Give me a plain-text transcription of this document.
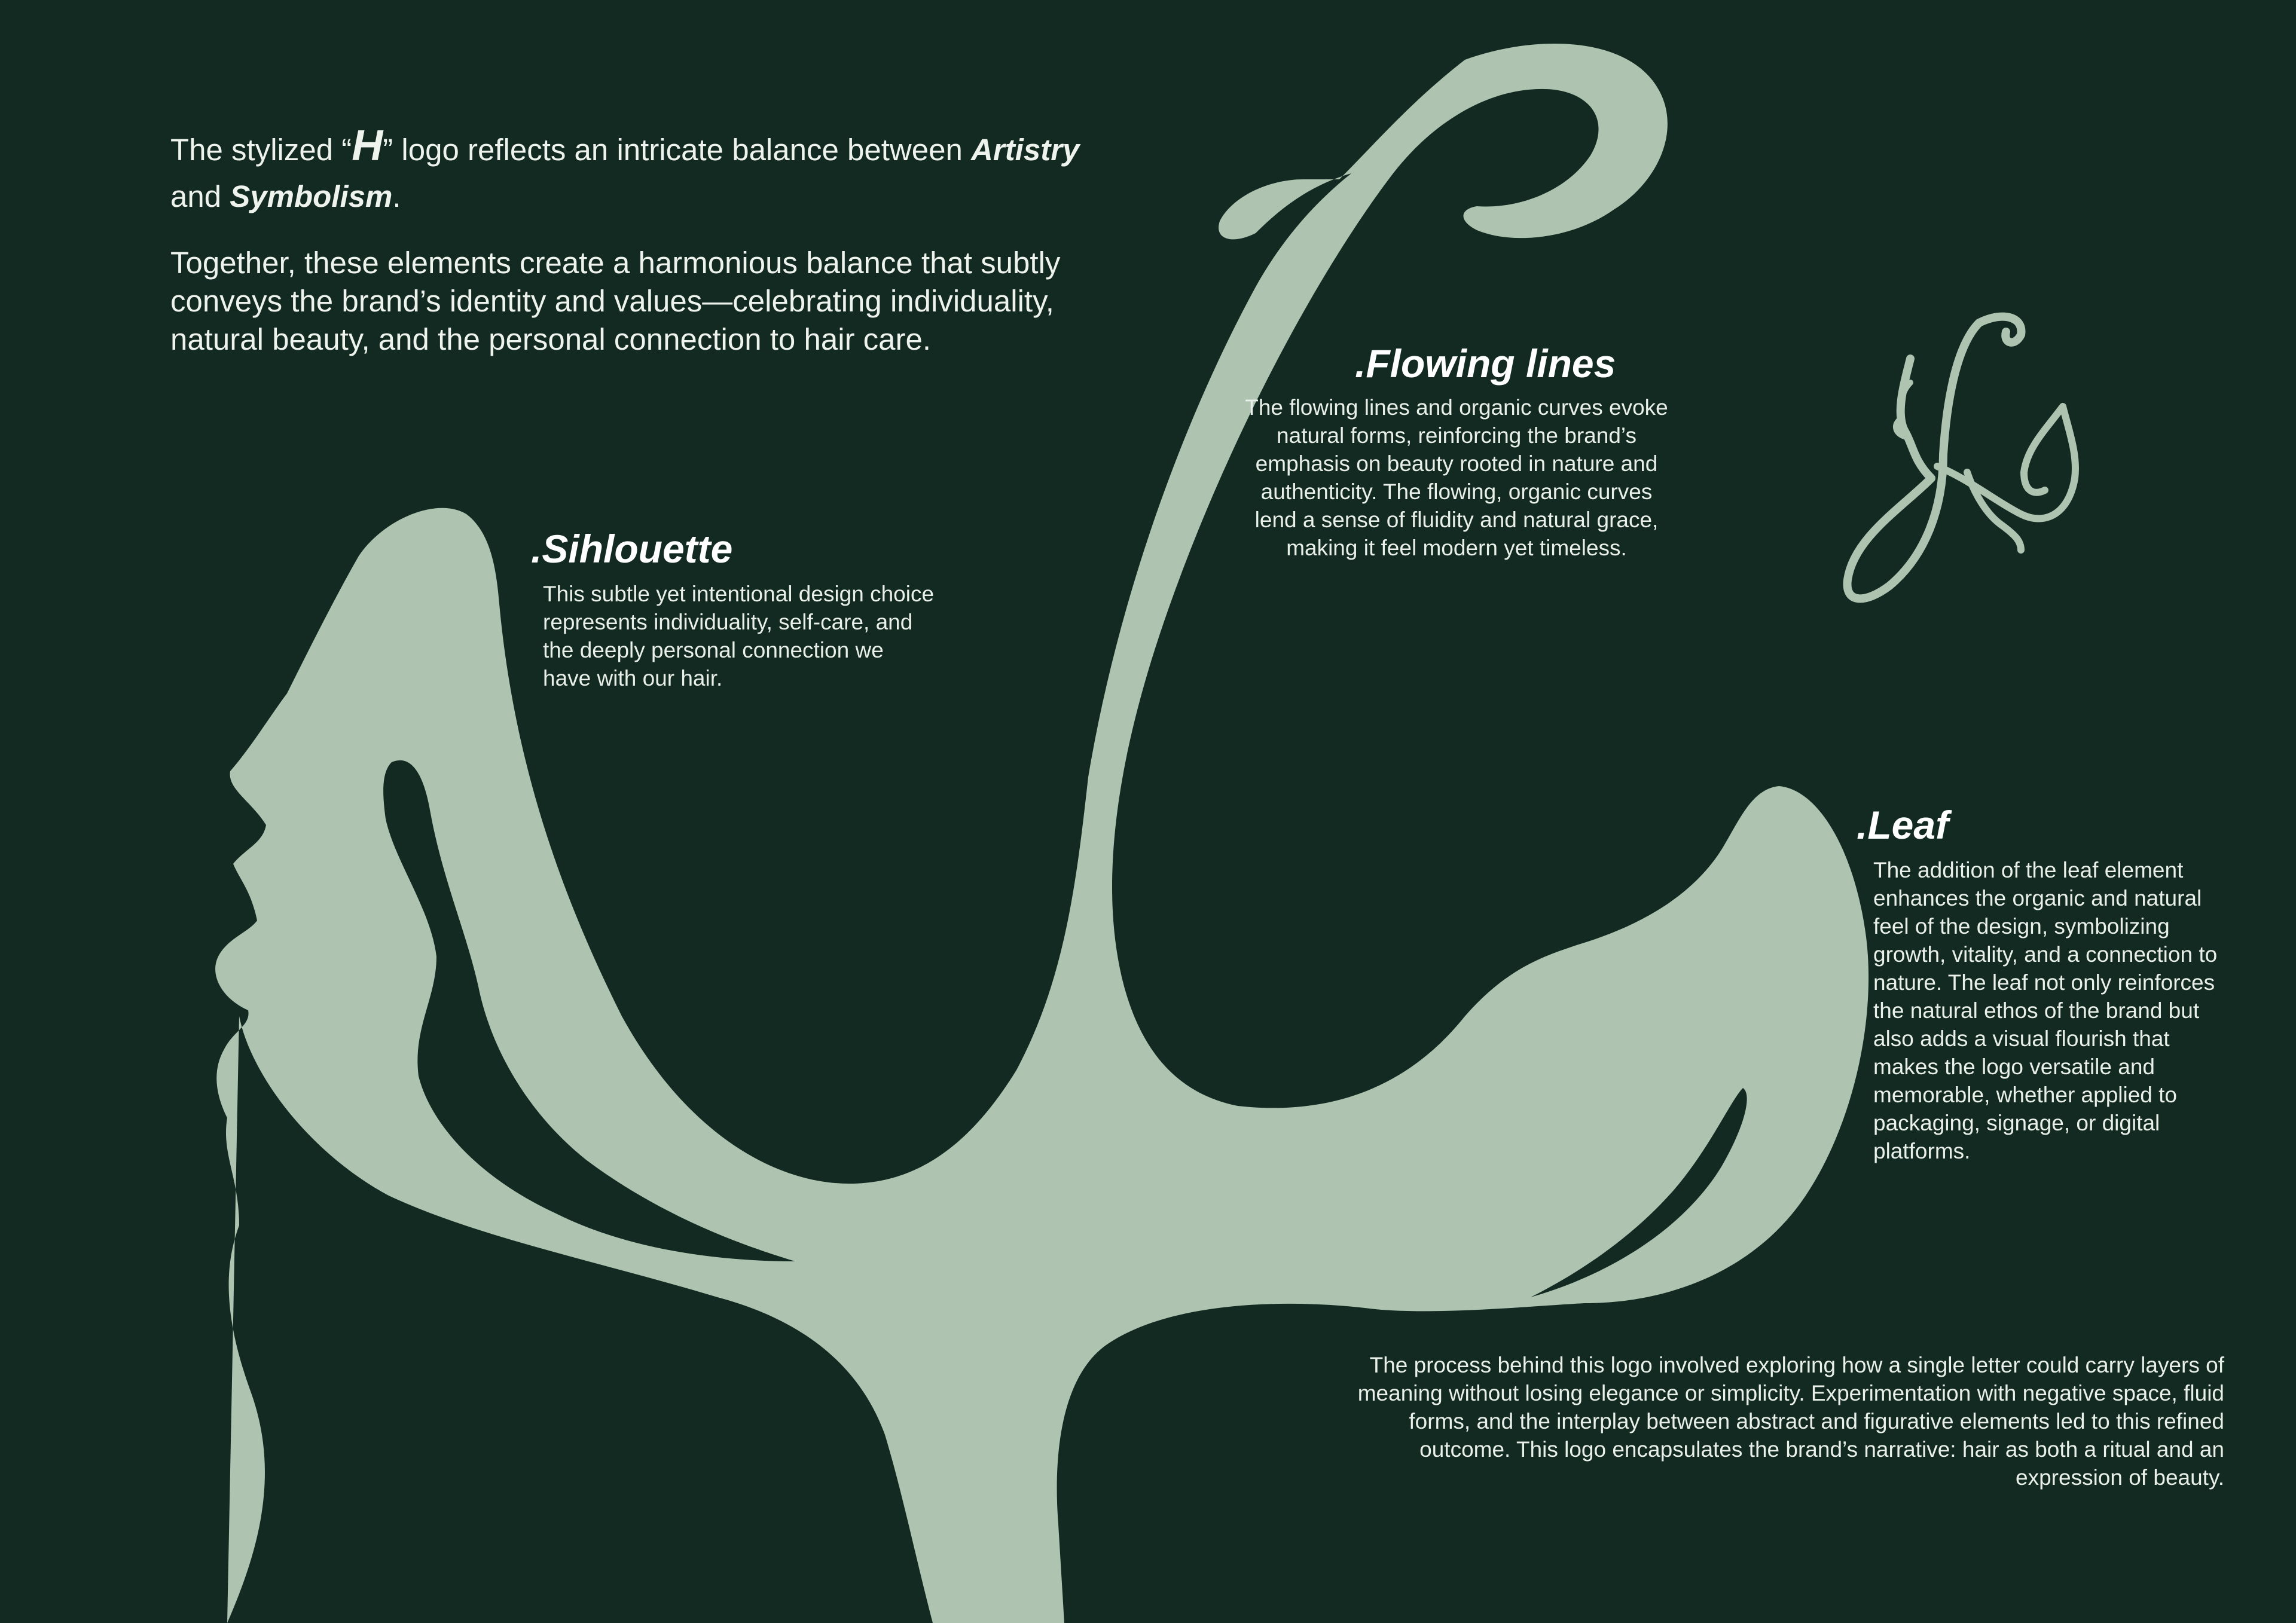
The stylized “H” logo reflects an intricate balance between Artistry
and Symbolism.

Together, these elements create a harmonious balance that subtly conveys the brand’s identity and values—celebrating individuality, natural beauty, and the personal connection to hair care.

.Sihlouette

This subtle yet intentional design choice represents individuality, self-care, and the deeply personal connection we have with our hair.

.Flowing lines

The flowing lines and organic curves evoke natural forms, reinforcing the brand’s emphasis on beauty rooted in nature and authenticity. The flowing, organic curves lend a sense of fluidity and natural grace, making it feel modern yet timeless.

.Leaf

The addition of the leaf element enhances the organic and natural feel of the design, symbolizing growth, vitality, and a connection to nature. The leaf not only reinforces the natural ethos of the brand but also adds a visual flourish that makes the logo versatile and memorable, whether applied to packaging, signage, or digital platforms.

The process behind this logo involved exploring how a single letter could carry layers of meaning without losing elegance or simplicity. Experimentation with negative space, fluid forms, and the interplay between abstract and figurative elements led to this refined outcome. This logo encapsulates the brand’s narrative: hair as both a ritual and an expression of beauty.
